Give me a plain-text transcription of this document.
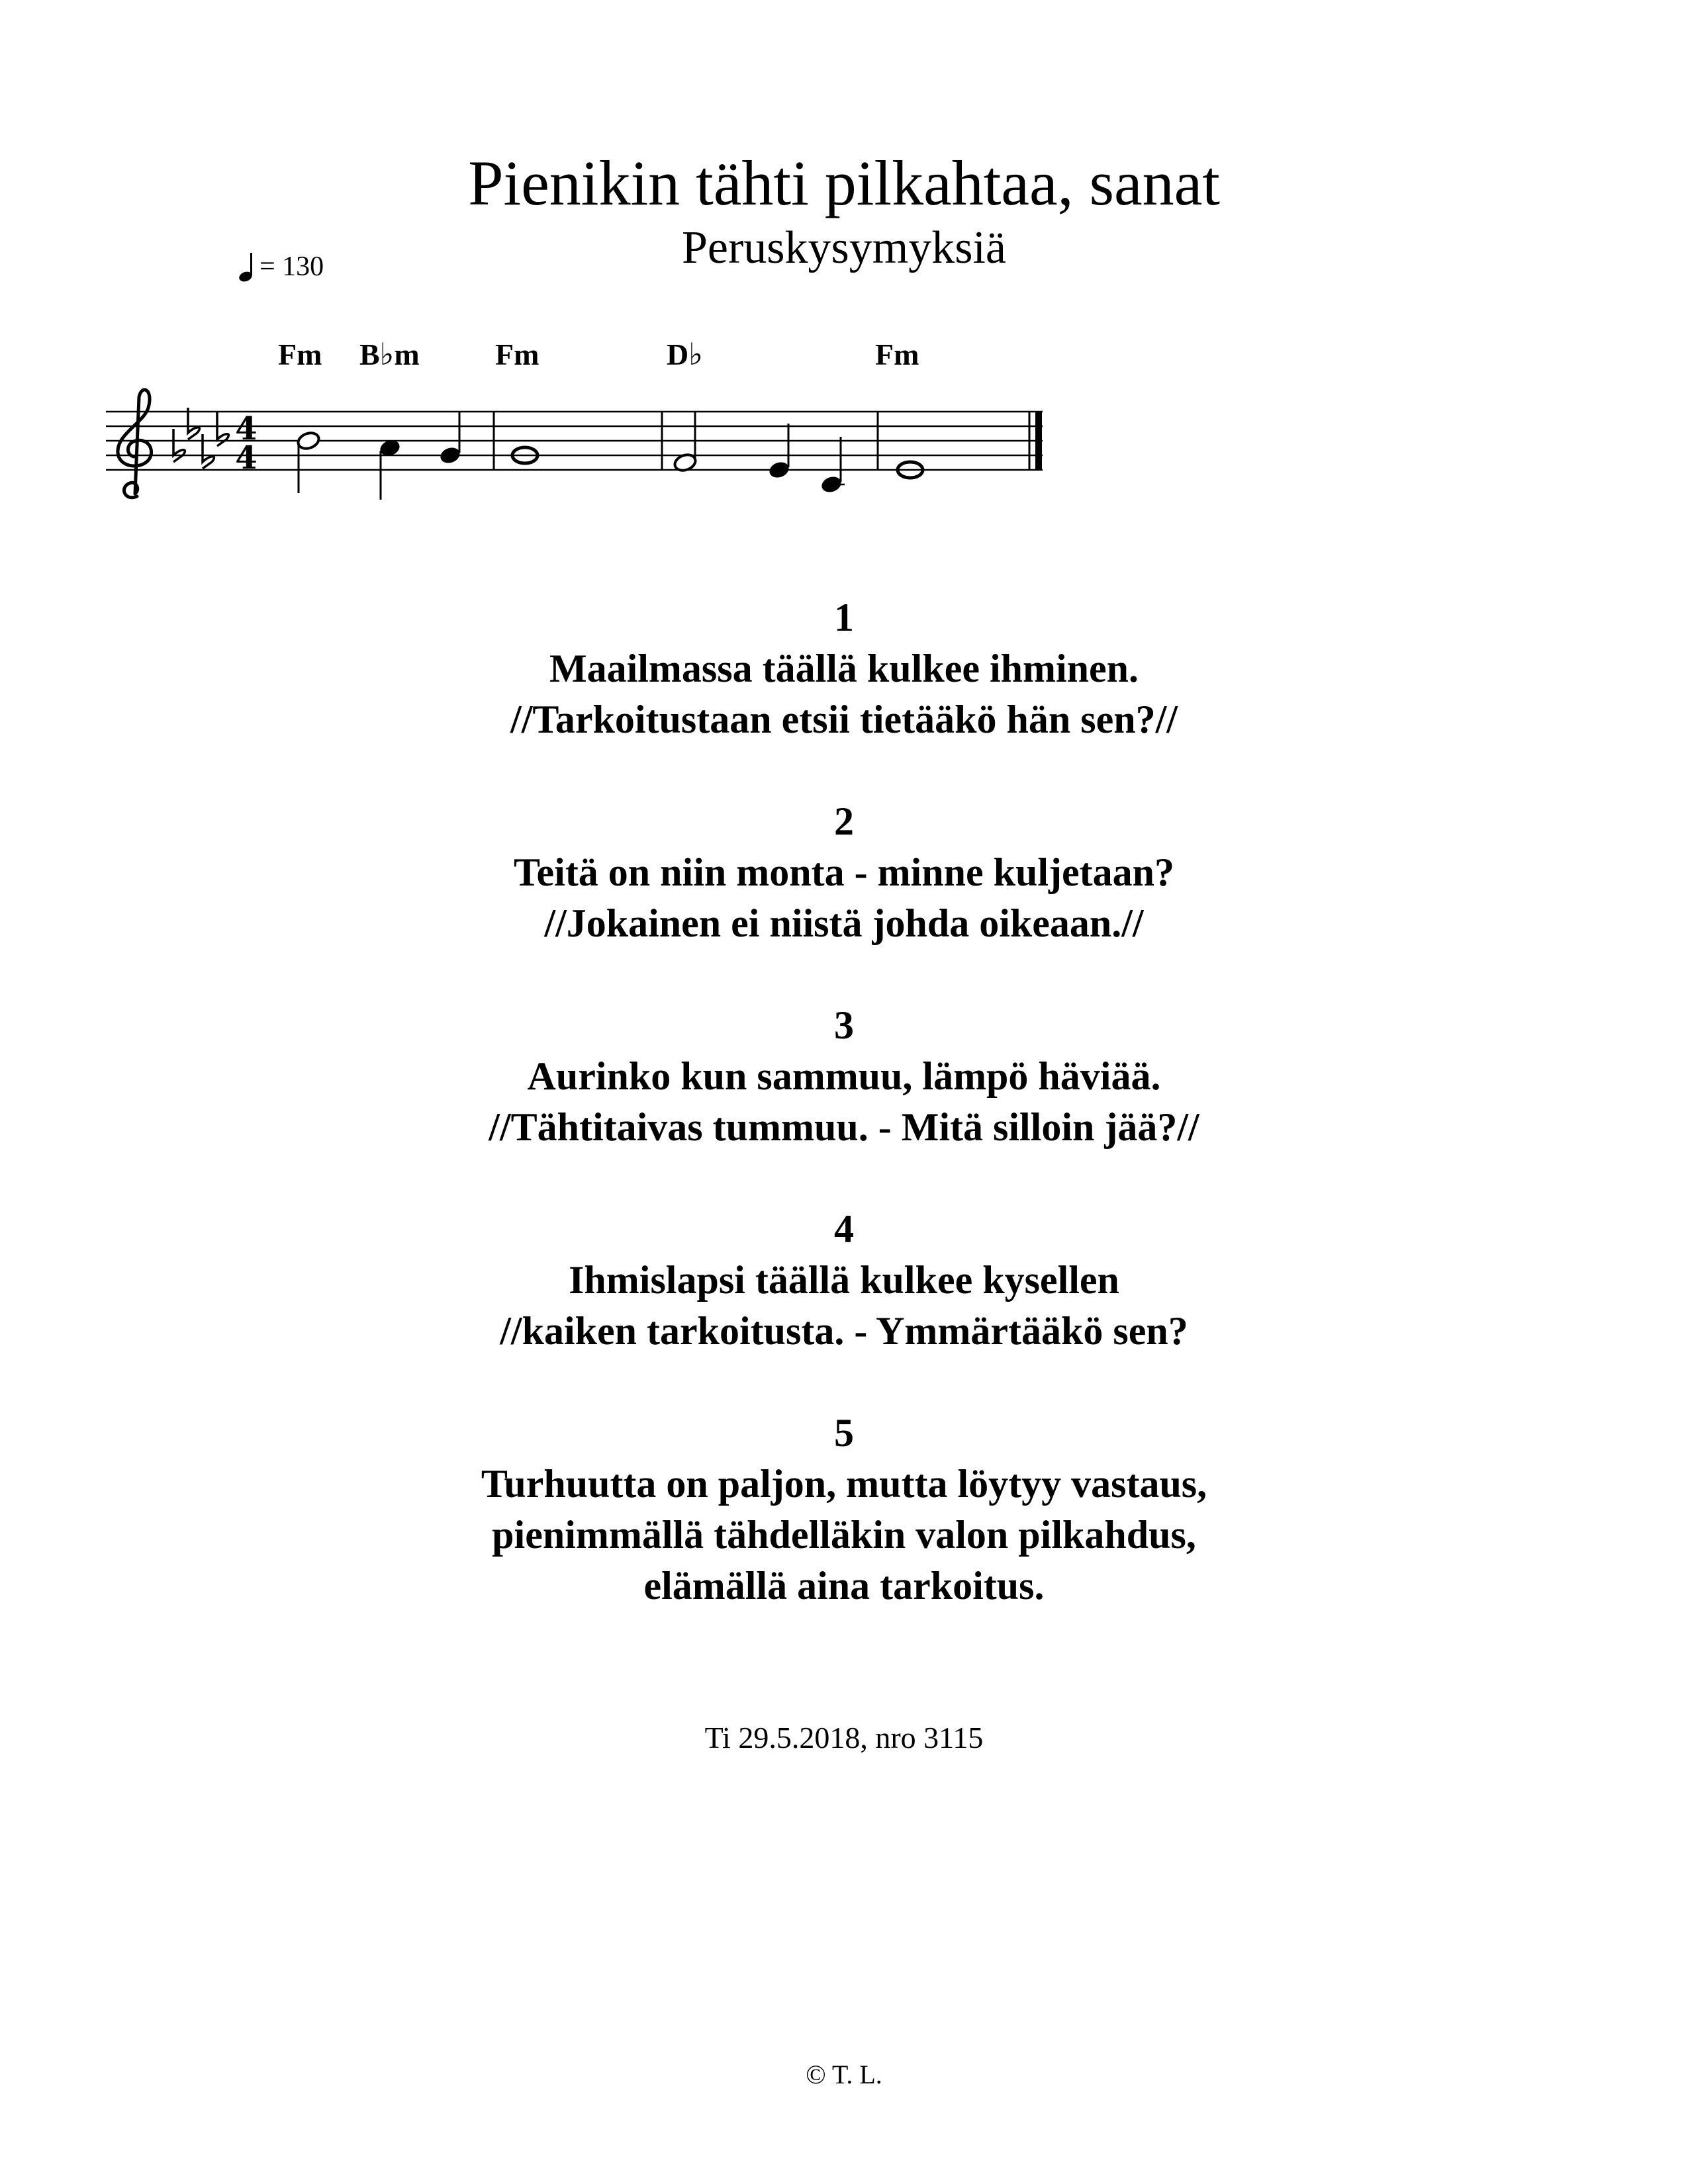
Pienikin tähti pilkahtaa, sanat
Peruskysymyksiä
= 130
Fm B♭m Fm	D♭	Fm
4
4
1
Maailmassa täällä kulkee ihminen.
//Tarkoitustaan etsii tietääkö hän sen?//
2
Teitä on niin monta - minne kuljetaan?
//Jokainen ei niistä johda oikeaan.//
3
Aurinko kun sammuu, lämpö häviää.
//Tähtitaivas tummuu. - Mitä silloin jää?//
4
Ihmislapsi täällä kulkee kysellen
//kaiken tarkoitusta. - Ymmärtääkö sen?
5
Turhuutta on paljon, mutta löytyy vastaus,
pienimmällä tähdelläkin valon pilkahdus,
elämällä aina tarkoitus.
Ti 29.5.2018, nro 3115
© T. L.
